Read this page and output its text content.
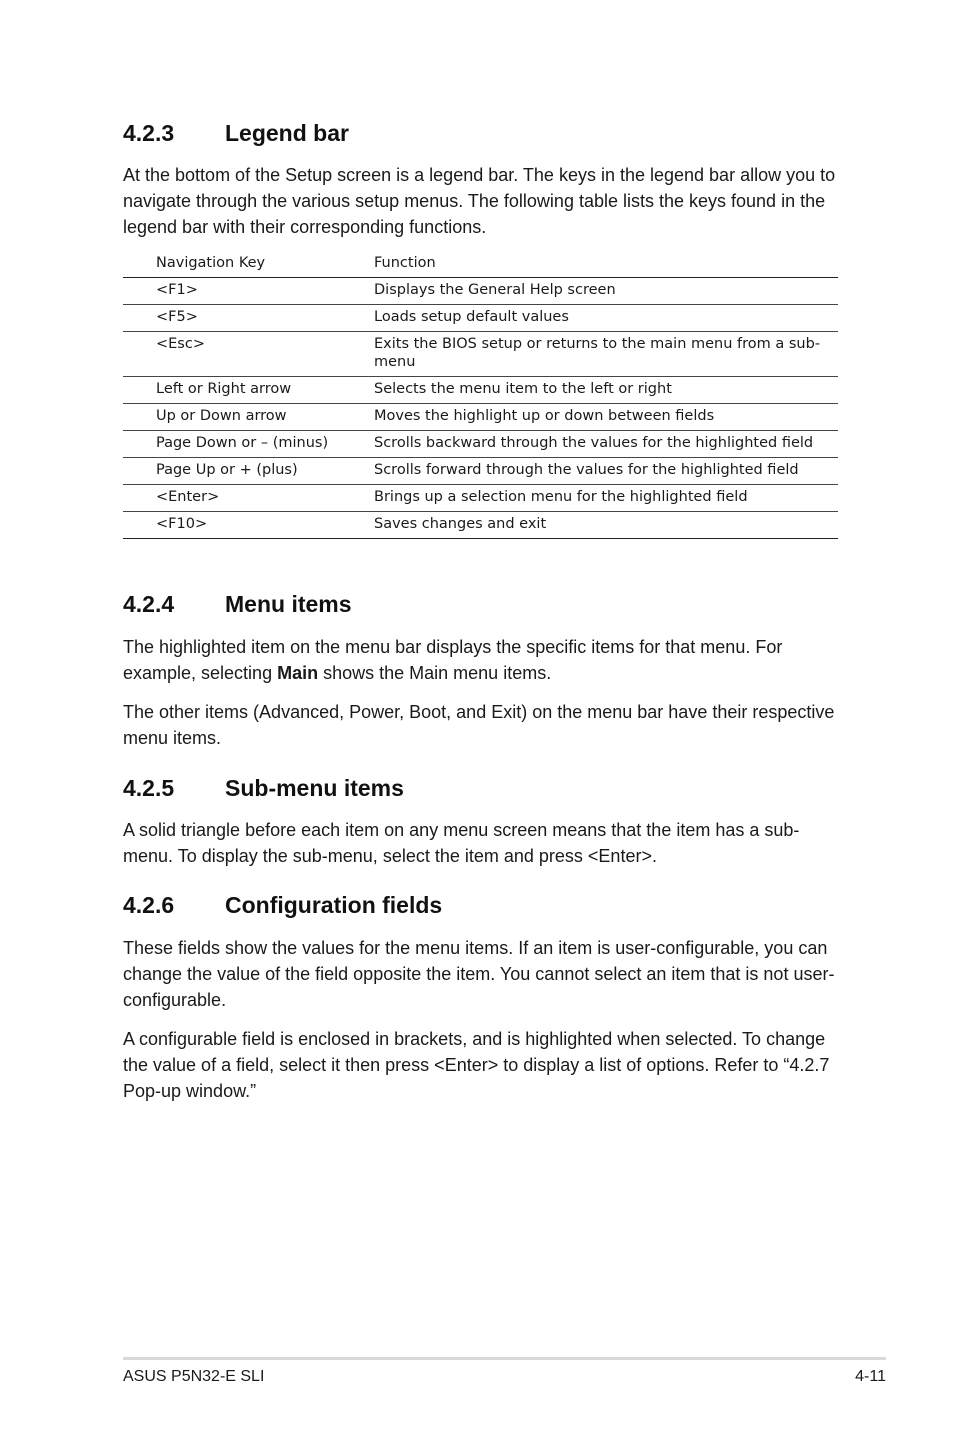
4.2.3	Legend bar

At the bottom of the Setup screen is a legend bar. The keys in the legend bar allow you to navigate through the various setup menus. The following table lists the keys found in the legend bar with their corresponding functions.

Navigation Key	Function
<F1>	Displays the General Help screen
<F5>	Loads setup default values
<Esc>	Exits the BIOS setup or returns to the main menu from a sub-menu
Left or Right arrow	Selects the menu item to the left or right
Up or Down arrow	Moves the highlight up or down between ﬁelds
Page Down or – (minus)	Scrolls backward through the values for the highlighted ﬁeld
Page Up or + (plus)	Scrolls forward through the values for the highlighted ﬁeld
<Enter>	Brings up a selection menu for the highlighted ﬁeld
<F10>	Saves changes and exit
4.2.4	Menu items

The highlighted item on the menu bar displays the specific items for that menu. For example, selecting Main shows the Main menu items.

The other items (Advanced, Power, Boot, and Exit) on the menu bar have their respective menu items.

4.2.5	Sub-menu items

A solid triangle before each item on any menu screen means that the item has a sub-menu. To display the sub-menu, select the item and press <Enter>.

4.2.6	Configuration fields

These fields show the values for the menu items. If an item is user-configurable, you can change the value of the field opposite the item. You cannot select an item that is not user-configurable.

A configurable field is enclosed in brackets, and is highlighted when selected. To change the value of a field, select it then press <Enter> to display a list of options. Refer to “4.2.7 Pop-up window.”

ASUS P5N32-E SLI	4-11
